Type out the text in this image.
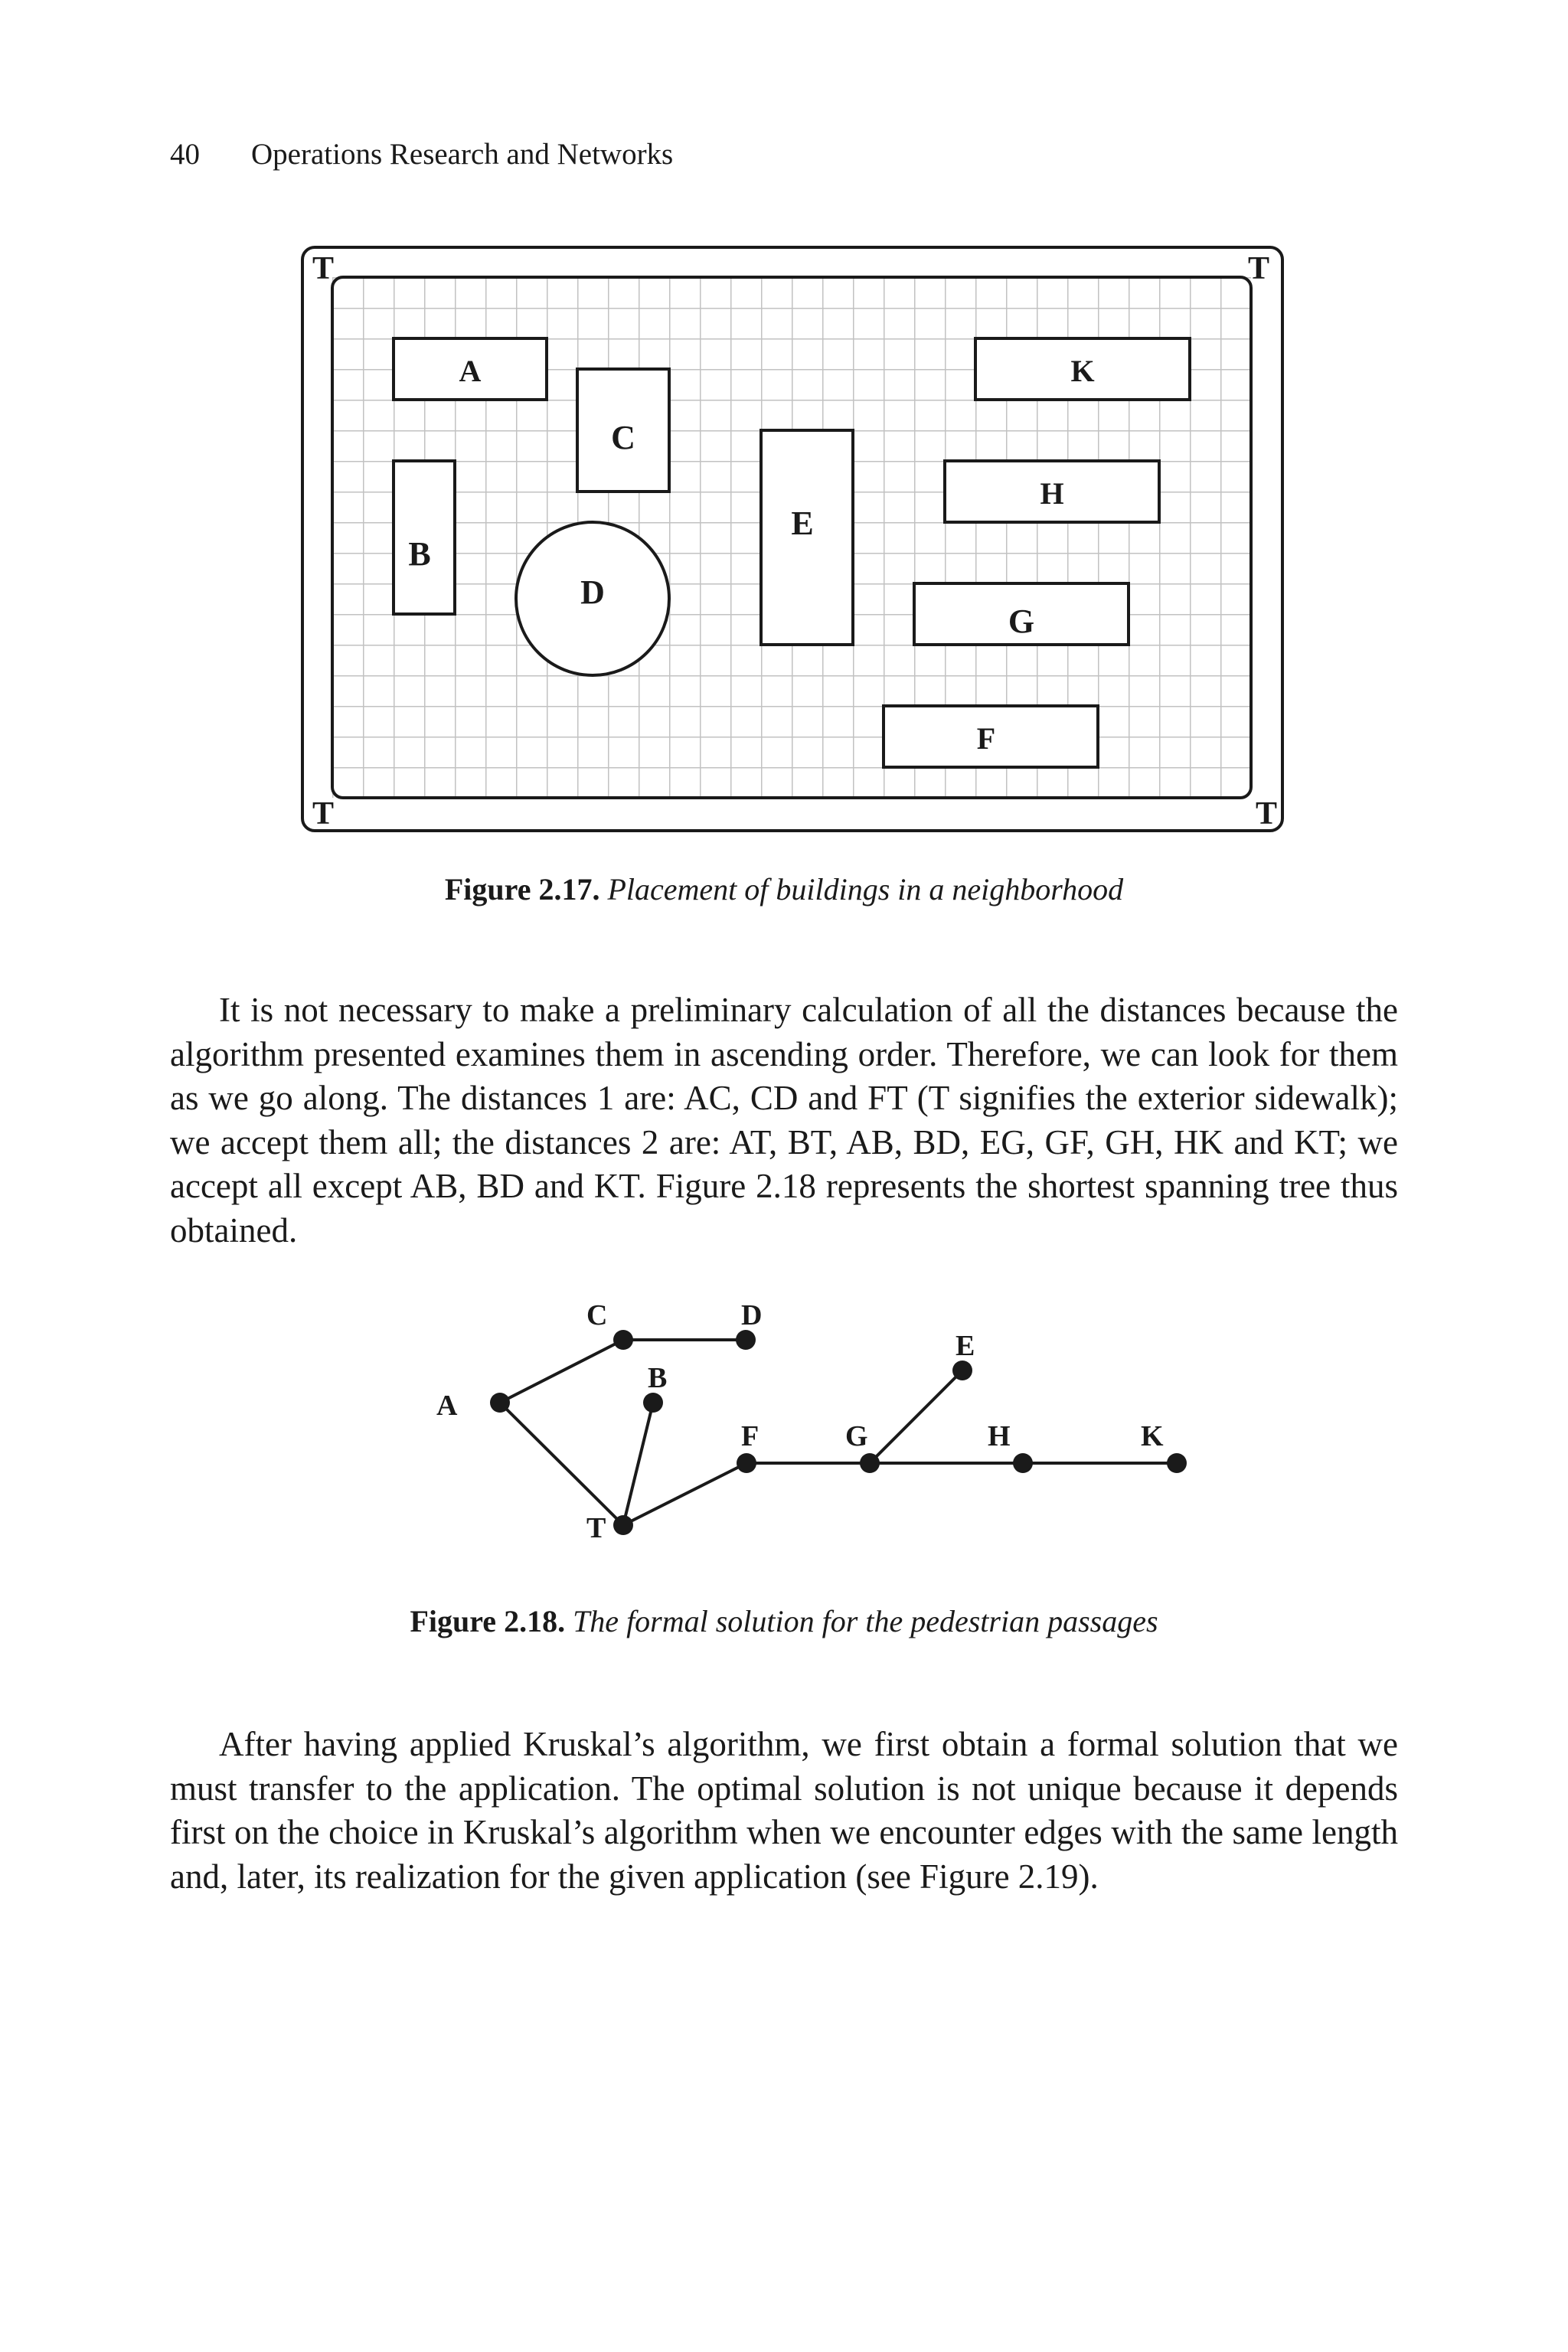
40 Operations Research and Networks
T	T
T	T
A	K
C
H
B
E
D
G
F
Figure 2.17. Placement of buildings in a neighborhood

It is not necessary to make a preliminary calculation of all the distances because the algorithm presented examines them in ascending order. Therefore, we can look for them as we go along. The distances 1 are: AC, CD and FT (T signifies the exterior sidewalk); we accept them all; the distances 2 are: AT, BT, AB, BD, EG, GF, GH, HK and KT; we accept all except AB, BD and KT. Figure 2.18 represents the shortest spanning tree thus obtained.

A
B
C	D
E
F	G	H	K
T
Figure 2.18. The formal solution for the pedestrian passages

After having applied Kruskal’s algorithm, we first obtain a formal solution that we must transfer to the application. The optimal solution is not unique because it depends first on the choice in Kruskal’s algorithm when we encounter edges with the same length and, later, its realization for the given application (see Figure 2.19).
